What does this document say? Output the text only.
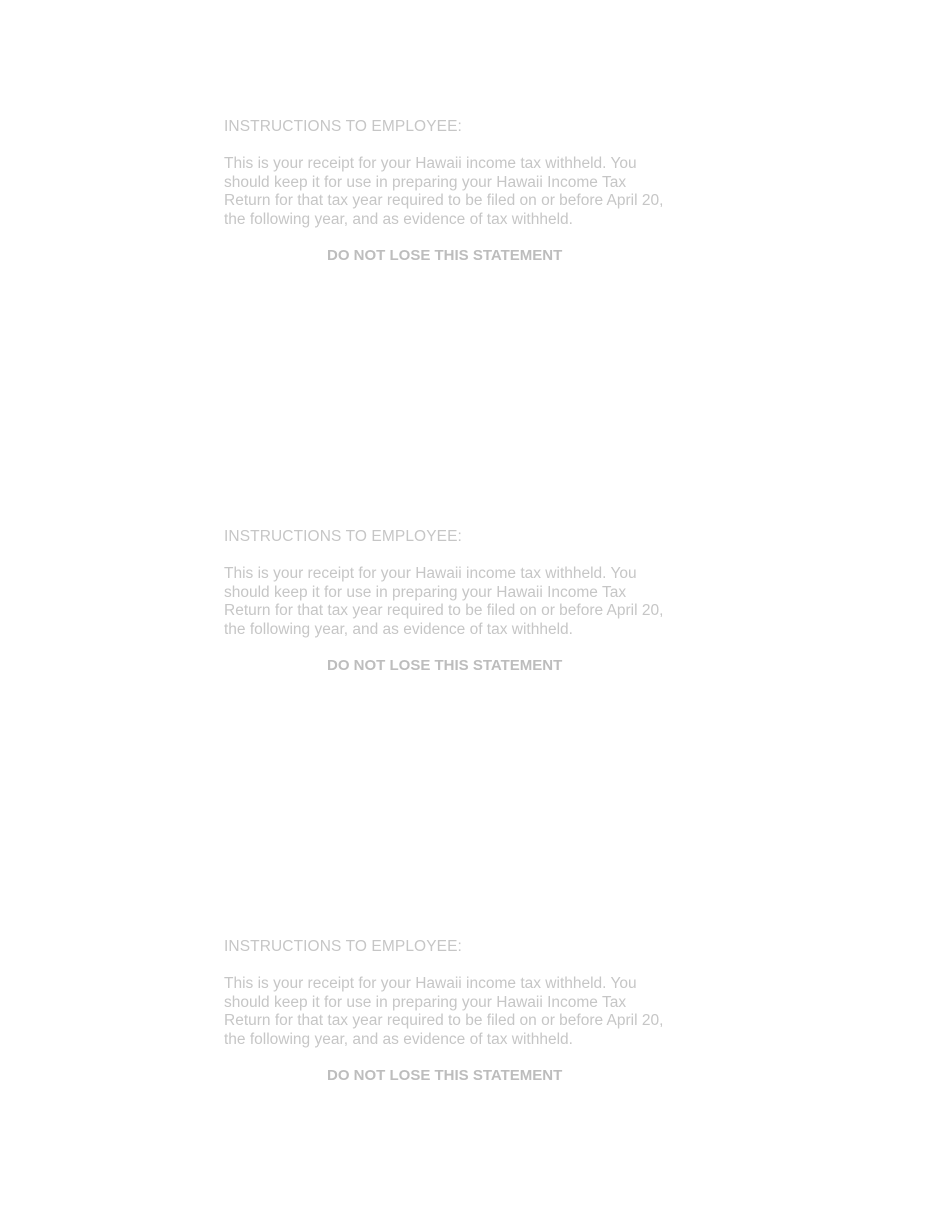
INSTRUCTIONS TO EMPLOYEE:

This is your receipt for your Hawaii income tax withheld. You should keep it for use in preparing your Hawaii Income Tax Return for that tax year required to be filed on or before April 20, the following year, and as evidence of tax withheld.

DO NOT LOSE THIS STATEMENT

INSTRUCTIONS TO EMPLOYEE:

This is your receipt for your Hawaii income tax withheld. You should keep it for use in preparing your Hawaii Income Tax Return for that tax year required to be filed on or before April 20, the following year, and as evidence of tax withheld.

DO NOT LOSE THIS STATEMENT

INSTRUCTIONS TO EMPLOYEE:

This is your receipt for your Hawaii income tax withheld. You should keep it for use in preparing your Hawaii Income Tax Return for that tax year required to be filed on or before April 20, the following year, and as evidence of tax withheld.

DO NOT LOSE THIS STATEMENT
